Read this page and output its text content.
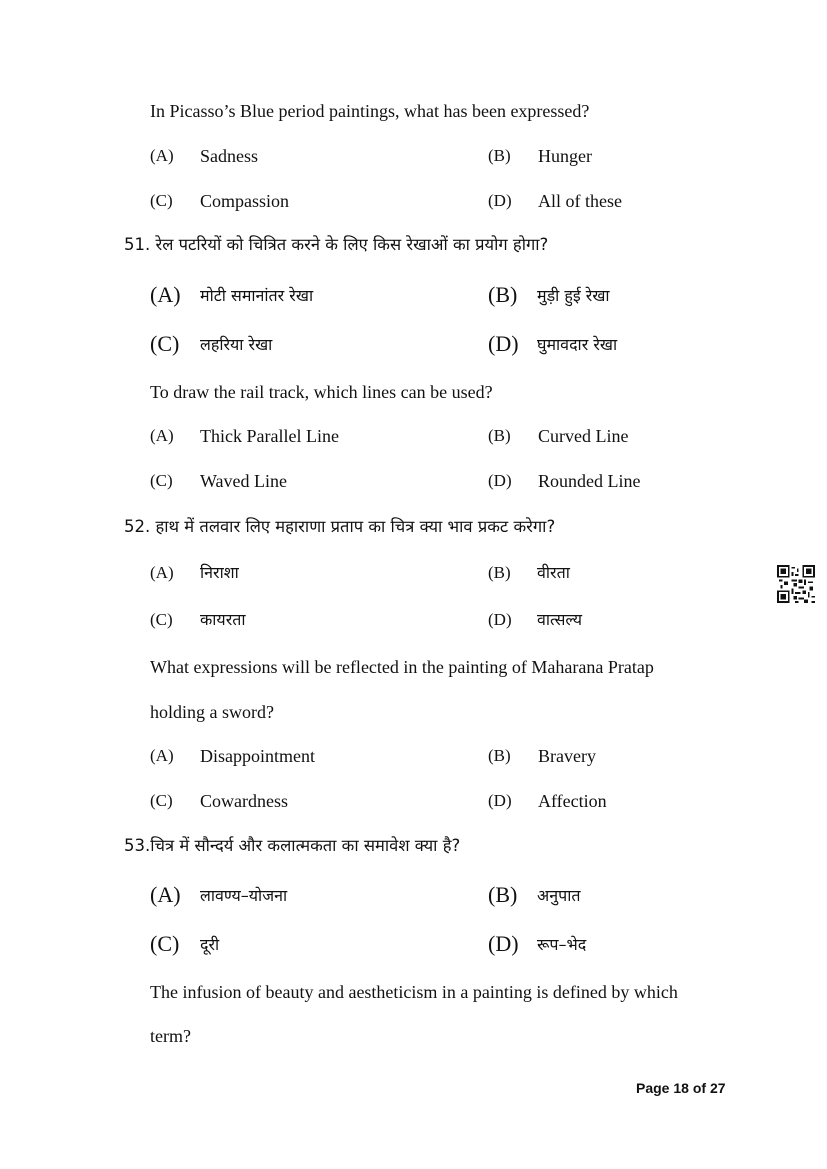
In Picasso’s Blue period paintings, what has been expressed?
(A) Sadness	(B) Hunger
(C) Compassion	(D) All of these
51. रेल पटरियों को चित्रित करने के लिए किस रेखाओं का प्रयोग होगा?
(A) मोटी समानांतर रेखा	(B) मुड़ी हुई रेखा
(C) लहरिया रेखा	(D) घुमावदार रेखा
To draw the rail track, which lines can be used?
(A) Thick Parallel Line	(B) Curved Line
(C) Waved Line	(D) Rounded Line
52. हाथ में तलवार लिए महाराणा प्रताप का चित्र क्या भाव प्रकट करेगा?
(A) निराशा	(B) वीरता
(C) कायरता	(D) वात्सल्य
What expressions will be reflected in the painting of Maharana Pratap
holding a sword?
(A) Disappointment	(B) Bravery
(C) Cowardness	(D) Affection
53.चित्र में सौन्दर्य और कलात्मकता का समावेश क्या है?
(A) लावण्य–योजना	(B) अनुपात
(C) दूरी	(D) रूप–भेद
The infusion of beauty and aestheticism in a painting is defined by which
term?
Page 18 of 27
